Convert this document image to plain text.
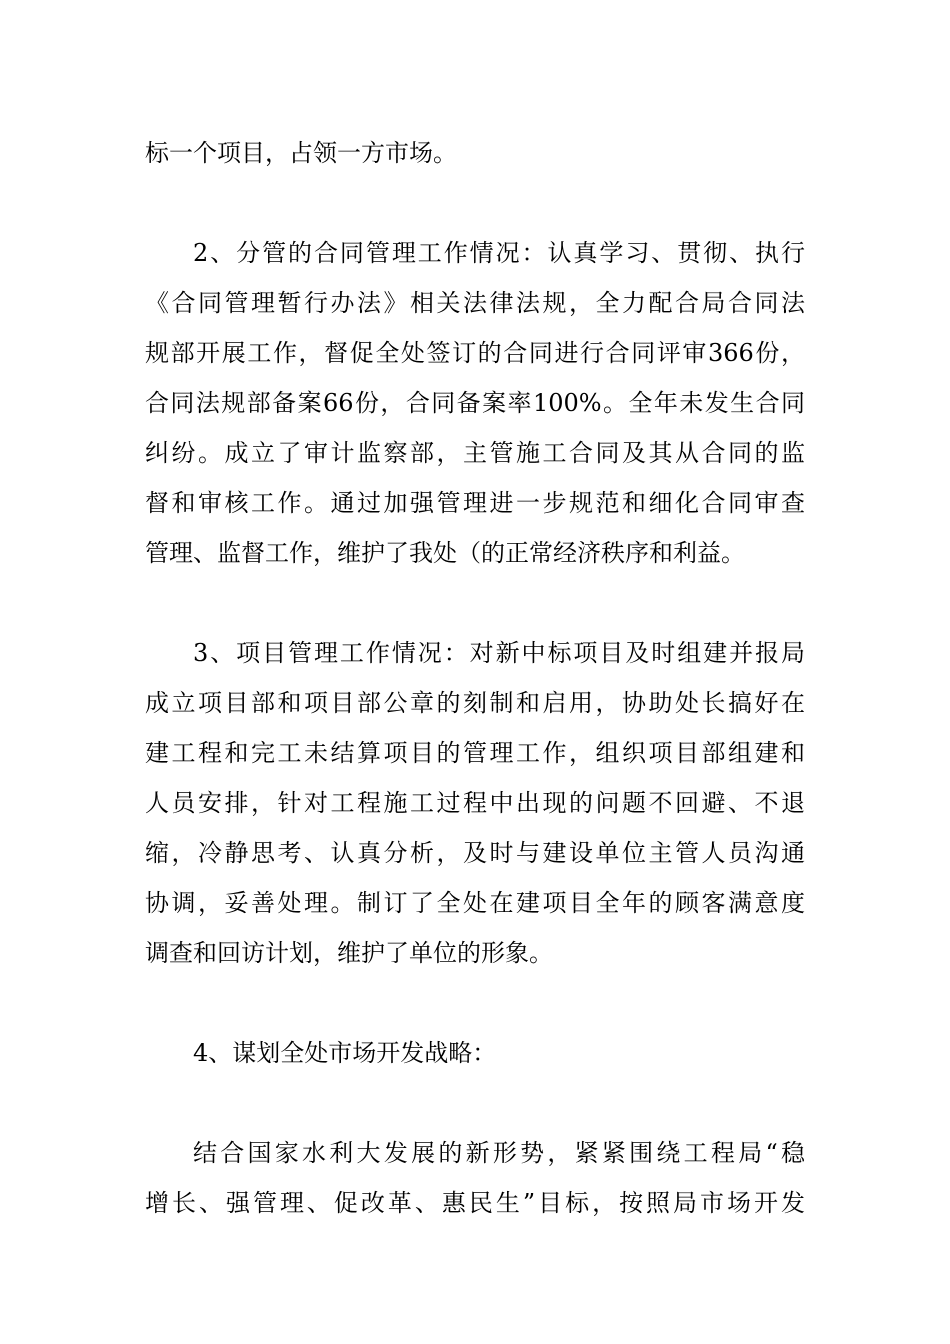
标一个项目，占领一方市场。
2、分管的合同管理工作情况：认真学习、贯彻、执行
《合同管理暂行办法》相关法律法规，全力配合局合同法
规部开展工作，督促全处签订的合同进行合同评审366份，
合同法规部备案66份，合同备案率100%。全年未发生合同
纠纷。成立了审计监察部，主管施工合同及其从合同的监
督和审核工作。通过加强管理进一步规范和细化合同审查
管理、监督工作，维护了我处（的正常经济秩序和利益。
3、项目管理工作情况：对新中标项目及时组建并报局
成立项目部和项目部公章的刻制和启用，协助处长搞好在
建工程和完工未结算项目的管理工作，组织项目部组建和
人员安排，针对工程施工过程中出现的问题不回避、不退
缩，冷静思考、认真分析，及时与建设单位主管人员沟通
协调，妥善处理。制订了全处在建项目全年的顾客满意度
调查和回访计划，维护了单位的形象。
4、谋划全处市场开发战略：
结合国家水利大发展的新形势，紧紧围绕工程局“稳
增长、强管理、促改革、惠民生”目标，按照局市场开发
